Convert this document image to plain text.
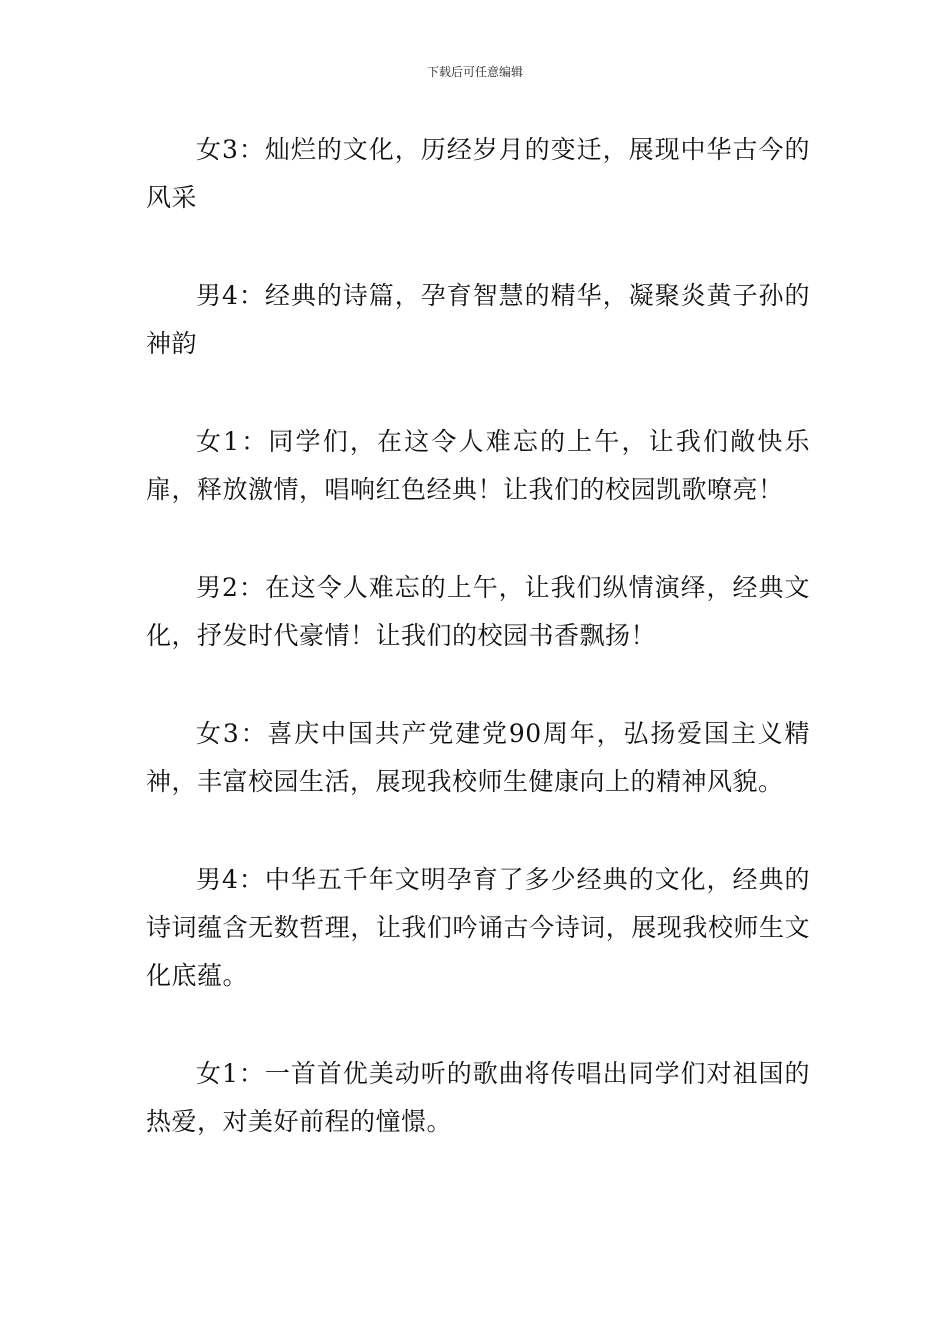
下载后可任意编辑

女3：灿烂的文化，历经岁月的变迁，展现中华古今的风采

男4：经典的诗篇，孕育智慧的精华，凝聚炎黄子孙的神韵

女1：同学们，在这令人难忘的上午，让我们敞快乐扉，释放激情，唱响红色经典！让我们的校园凯歌嘹亮！

男2：在这令人难忘的上午，让我们纵情演绎，经典文化，抒发时代豪情！让我们的校园书香飘扬！

女3：喜庆中国共产党建党90周年，弘扬爱国主义精神，丰富校园生活，展现我校师生健康向上的精神风貌。

男4：中华五千年文明孕育了多少经典的文化，经典的诗词蕴含无数哲理，让我们吟诵古今诗词，展现我校师生文化底蕴。

女1：一首首优美动听的歌曲将传唱出同学们对祖国的热爱，对美好前程的憧憬。
